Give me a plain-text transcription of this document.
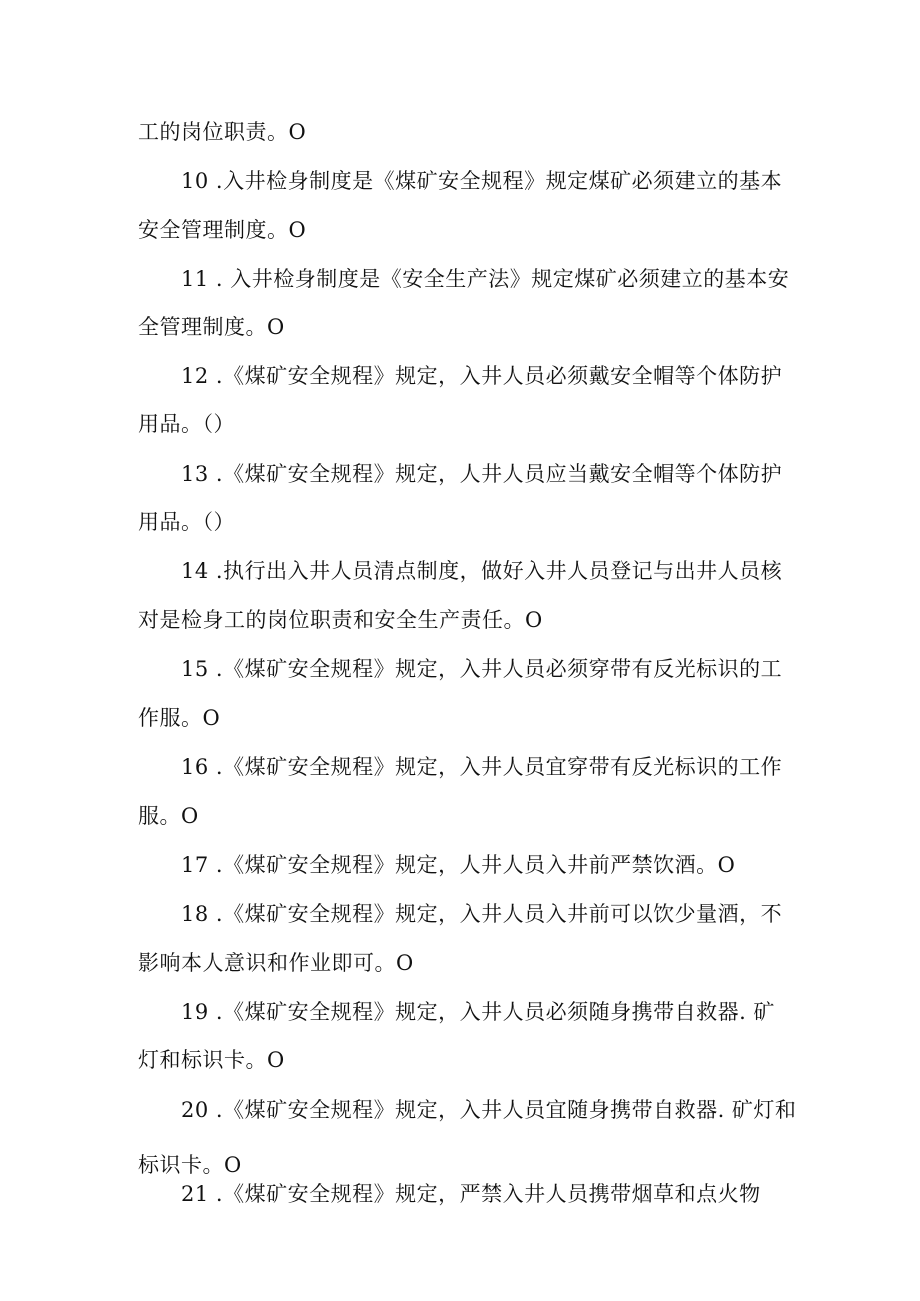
工的岗位职责。O
10 .入井检身制度是《煤矿安全规程》规定煤矿必须建立的基本
安全管理制度。O
11 . 入井检身制度是《安全生产法》规定煤矿必须建立的基本安
全管理制度。O
12 .《煤矿安全规程》规定，入井人员必须戴安全帽等个体防护
用品。（）
13 .《煤矿安全规程》规定，人井人员应当戴安全帽等个体防护
用品。（）
14 .执行出入井人员清点制度，做好入井人员登记与出井人员核
对是检身工的岗位职责和安全生产责任。O
15 .《煤矿安全规程》规定，入井人员必须穿带有反光标识的工
作服。O
16 .《煤矿安全规程》规定，入井人员宜穿带有反光标识的工作
服。O
17 .《煤矿安全规程》规定，人井人员入井前严禁饮酒。O
18 .《煤矿安全规程》规定，入井人员入井前可以饮少量酒，不
影响本人意识和作业即可。O
19 .《煤矿安全规程》规定，入井人员必须随身携带自救器. 矿
灯和标识卡。O
20 .《煤矿安全规程》规定，入井人员宜随身携带自救器. 矿灯和
标识卡。O
21 .《煤矿安全规程》规定，严禁入井人员携带烟草和点火物
